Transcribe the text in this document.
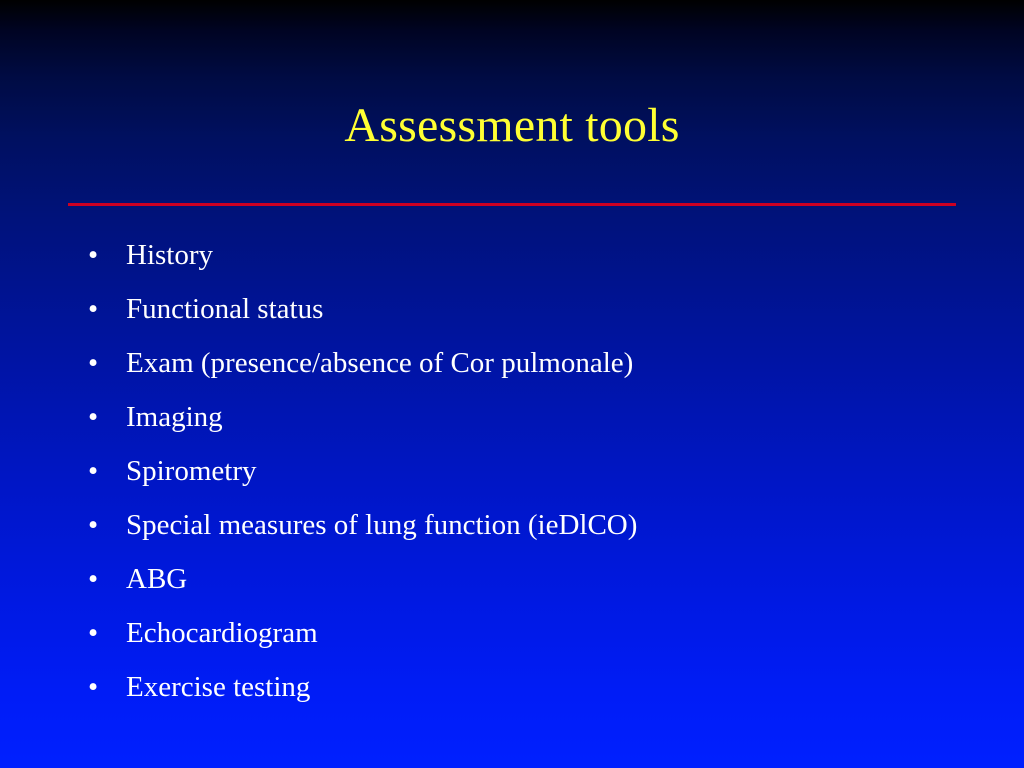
Assessment tools
• History
• Functional status
• Exam (presence/absence of Cor pulmonale)
• Imaging
• Spirometry
• Special measures of lung function (ieDlCO)
• ABG
• Echocardiogram
• Exercise testing
